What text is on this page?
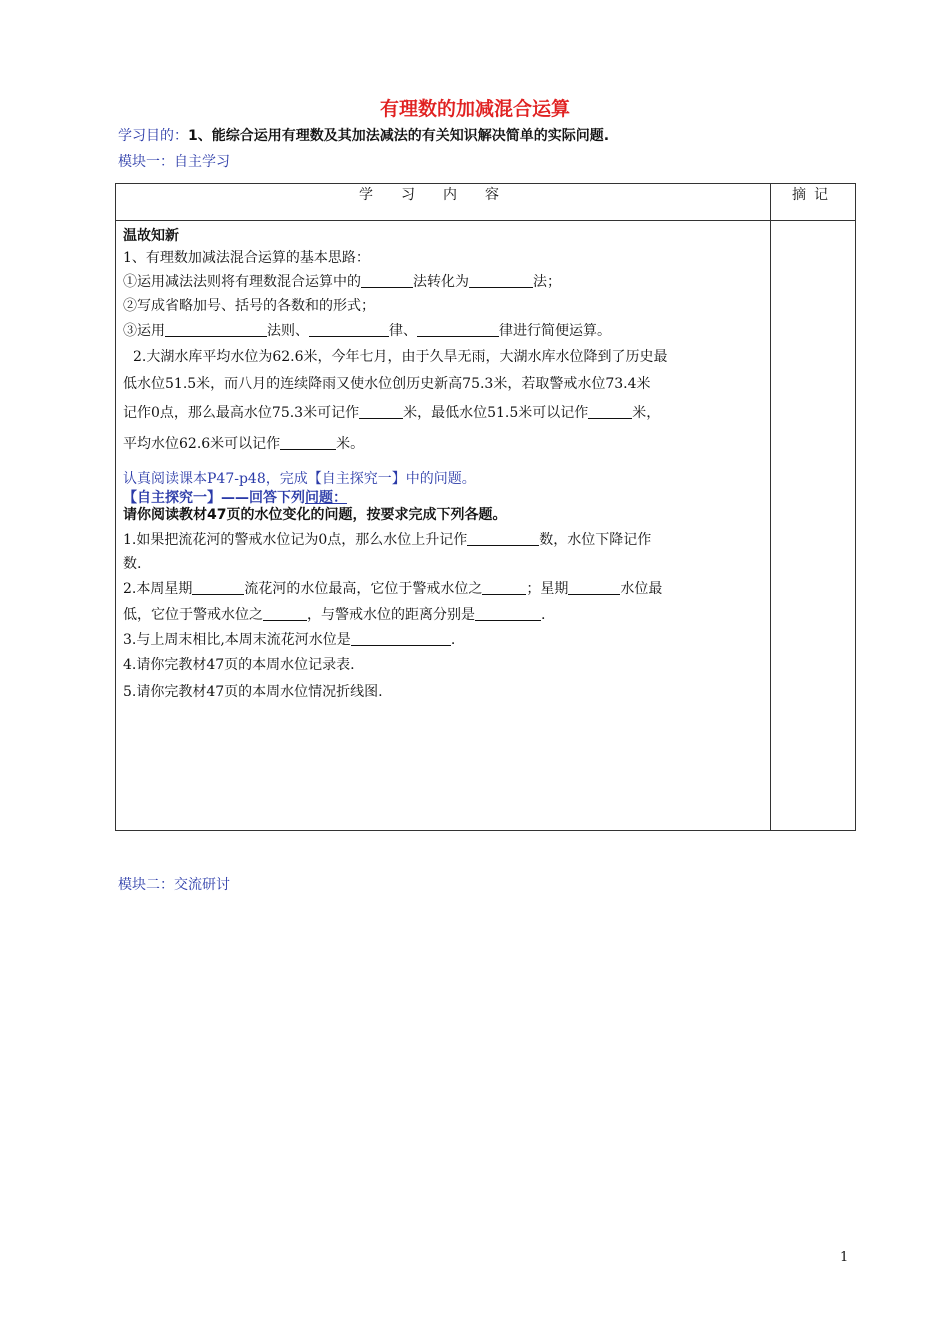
有理数的加减混合运算
学习目的：1、能综合运用有理数及其加法减法的有关知识解决简单的实际问题.
模块一：自主学习
学习内容	摘记

温故知新

1、有理数加减法混合运算的基本思路：

①运用减法法则将有理数混合运算中的	法转化为	法；

②写成省略加号、括号的各数和的形式；

③运用	法则、	律、	律进行简便运算。

2.大湖水库平均水位为62.6米，今年七月，由于久旱无雨，大湖水库水位降到了历史最

低水位51.5米，而八月的连续降雨又使水位创历史新高75.3米，若取警戒水位73.4米

记作0点，那么最高水位75.3米可记作	米，最低水位51.5米可以记作	米，

平均水位62.6米可以记作	米。

认真阅读课本P47-p48，完成【自主探究一】中的问题。

【自主探究一】——回答下列问题：

请你阅读教材47页的水位变化的问题，按要求完成下列各题。

1.如果把流花河的警戒水位记为0点，那么水位上升记作	数，水位下降记作

数.

2.本周星期	流花河的水位最高，它位于警戒水位之	；星期	水位最

低，它位于警戒水位之	，与警戒水位的距离分别是	.

3.与上周末相比,本周末流花河水位是	.

4.请你完教材47页的本周水位记录表.

5.请你完教材47页的本周水位情况折线图.

模块二：交流研讨
1
